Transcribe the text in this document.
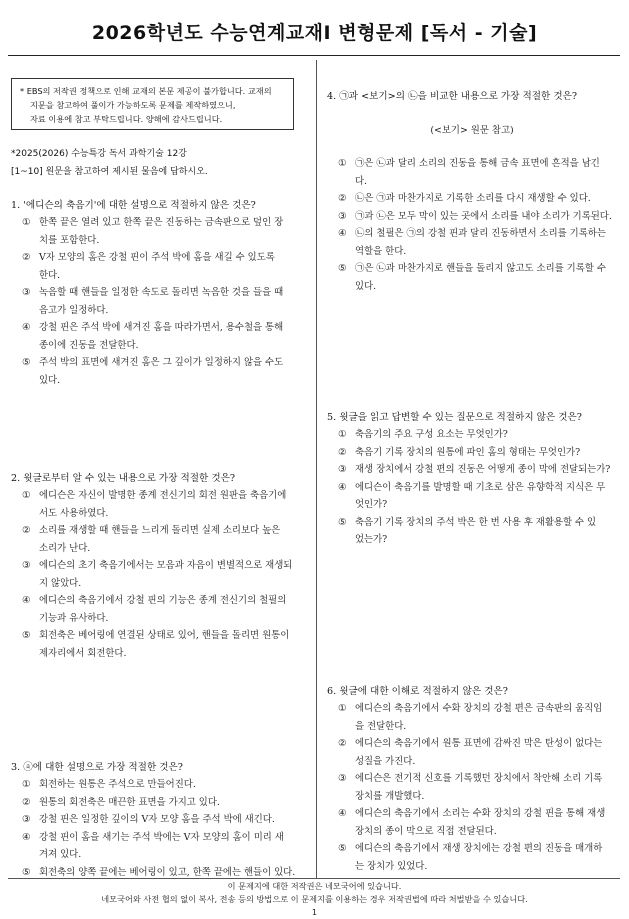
2026학년도 수능연계교재Ⅰ 변형문제 [독서 - 기술]
* EBS의 저작권 정책으로 인해 교재의 본문 제공이 불가합니다. 교재의
지문을 참고하여 풀이가 가능하도록 문제를 제작하였으니,
자료 이용에 참고 부탁드립니다. 양해에 감사드립니다.
*2025(2026) 수능특강 독서 과학기술 12강
[1~10] 원문을 참고하여 제시된 물음에 답하시오.
1. '에디슨의 축음기'에 대한 설명으로 적절하지 않은 것은?
① 한쪽 끝은 열려 있고 한쪽 끝은 진동하는 금속판으로 덮인 장
치를 포함한다.
② V자 모양의 홈은 강철 핀이 주석 박에 홈을 새길 수 있도록
한다.
③ 녹음할 때 핸들을 일정한 속도로 돌리면 녹음한 것을 들을 때
음고가 일정하다.
④ 강철 핀은 주석 박에 새겨진 홈을 따라가면서, 용수철을 통해
종이에 진동을 전달한다.
⑤ 주석 박의 표면에 새겨진 홈은 그 깊이가 일정하지 않을 수도
있다.
2. 윗글로부터 알 수 있는 내용으로 가장 적절한 것은?
① 에디슨은 자신이 발명한 종계 전신기의 회전 원판을 축음기에
서도 사용하였다.
② 소리를 재생할 때 핸들을 느리게 돌리면 실제 소리보다 높은
소리가 난다.
③ 에디슨의 초기 축음기에서는 모음과 자음이 변별적으로 재생되
지 않았다.
④ 에디슨의 축음기에서 강철 핀의 기능은 종계 전신기의 철필의
기능과 유사하다.
⑤ 회전축은 베어링에 연결된 상태로 있어, 핸들을 돌리면 원통이
제자리에서 회전한다.
3. ⓐ에 대한 설명으로 가장 적절한 것은?
① 회전하는 원통은 주석으로 만들어진다.
② 원통의 회전축은 매끈한 표면을 가지고 있다.
③ 강철 핀은 일정한 깊이의 V자 모양 홈을 주석 박에 새긴다.
④ 강철 핀이 홈을 새기는 주석 박에는 V자 모양의 홈이 미리 새
겨져 있다.
⑤ 회전축의 양쪽 끝에는 베어링이 있고, 한쪽 끝에는 핸들이 있다.
4. ㉠과 <보기>의 ㉡을 비교한 내용으로 가장 적절한 것은?
(<보기> 원문 참고)
① ㉠은 ㉡과 달리 소리의 진동을 통해 금속 표면에 흔적을 남긴
다.
② ㉡은 ㉠과 마찬가지로 기록한 소리를 다시 재생할 수 있다.
③ ㉠과 ㉡은 모두 막이 있는 곳에서 소리를 내야 소리가 기록된다.
④ ㉡의 철필은 ㉠의 강철 핀과 달리 진동하면서 소리를 기록하는
역할을 한다.
⑤ ㉠은 ㉡과 마찬가지로 핸들을 돌리지 않고도 소리를 기록할 수
있다.
5. 윗글을 읽고 답변할 수 있는 질문으로 적절하지 않은 것은?
① 축음기의 주요 구성 요소는 무엇인가?
② 축음기 기록 장치의 원통에 파인 홈의 형태는 무엇인가?
③ 재생 장치에서 강철 편의 진동은 어떻게 종이 막에 전달되는가?
④ 에디슨이 축음기를 발명할 때 기초로 삼은 유향학적 지식은 무
엇인가?
⑤ 축음기 기록 장치의 주석 박은 한 번 사용 후 재활용할 수 있
었는가?
6. 윗글에 대한 이해로 적절하지 않은 것은?
① 에디슨의 축음기에서 수화 장치의 강철 편은 금속판의 움직임
을 전달한다.
② 에디슨의 축음기에서 원통 표면에 감싸진 막은 탄성이 없다는
성질을 가진다.
③ 에디슨은 전기적 신호를 기록했던 장치에서 착안해 소리 기록
장치를 개발했다.
④ 에디슨의 축음기에서 소리는 수화 장치의 강철 핀을 통해 재생
장치의 종이 막으로 직접 전달된다.
⑤ 에디슨의 축음기에서 재생 장치에는 강철 편의 진동을 매개하
는 장치가 있었다.
이 문제지에 대한 저작권은 네모국어에 있습니다.
네모국어와 사전 협의 없이 복사, 전송 등의 방법으로 이 문제지를 이용하는 경우 저작권법에 따라 처벌받을 수 있습니다.
1
